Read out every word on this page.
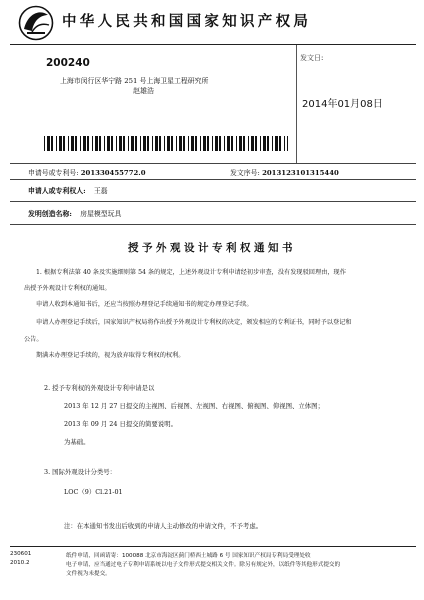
中华人民共和国国家知识产权局
200240
上海市闵行区华宁路 251 号上海卫星工程研究所
赵雄浩
发文日:
2014年01月08日
申请号或专利号: 201330455772.0	发文序号: 2013123101315440
申请人或专利权人: 王磊
发明创造名称: 房屋模型玩具
授予外观设计专利权通知书
1. 根据专利法第 40 条及实施细则第 54 条的规定，上述外观设计专利申请经初步审查，没有发现驳回理由，现作
出授予外观设计专利权的通知。
申请人收到本通知书后，还应当按照办理登记手续通知书的规定办理登记手续。
申请人办理登记手续后，国家知识产权局将作出授予外观设计专利权的决定，颁发相应的专利证书，同时予以登记和
公告。
期满未办理登记手续的，视为放弃取得专利权的权利。
2. 授予专利权的外观设计专利申请是以
2013 年 12 月 27 日提交的主视图、后视图、左视图、右视图、俯视图、仰视图、立体图；
2013 年 09 月 24 日提交的简要说明。
为基础。
3. 国际外观设计分类号：
LOC（9）Cl.21-01
注：在本通知书发出后收到的申请人主动修改的申请文件，不予考虑。
230601
2010.2
纸件申请，回函请寄：100088 北京市海淀区蓟门桥西土城路 6 号 国家知识产权局专利局受理处收
电子申请，应当通过电子专利申请系统以电子文件形式提交相关文件。除另有规定外，以纸件等其他形式提交的
文件视为未提交。
